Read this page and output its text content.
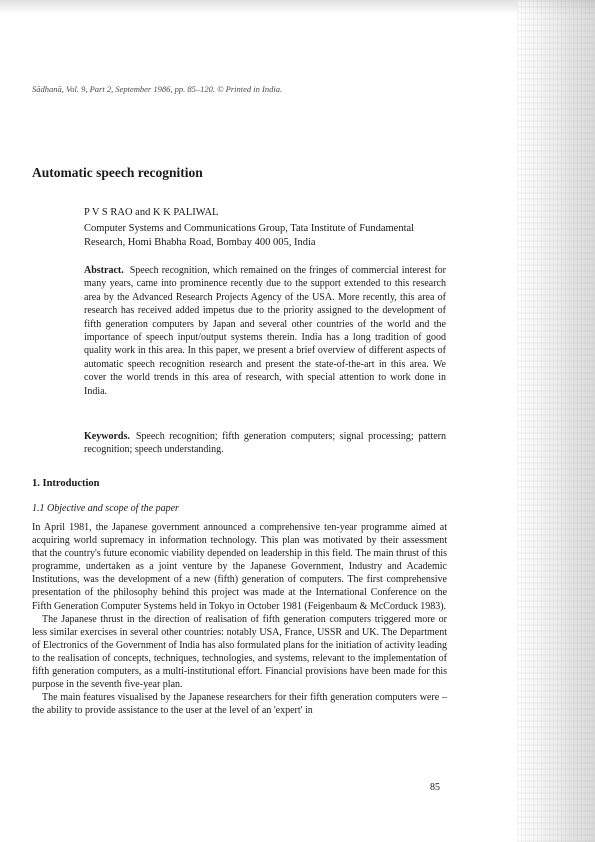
Sādhanā, Vol. 9, Part 2, September 1986, pp. 85–120. © Printed in India.
Automatic speech recognition
P V S RAO and K K PALIWAL
Computer Systems and Communications Group, Tata Institute of Fundamental Research, Homi Bhabha Road, Bombay 400 005, India
Abstract. Speech recognition, which remained on the fringes of commercial interest for many years, came into prominence recently due to the support extended to this research area by the Advanced Research Projects Agency of the USA. More recently, this area of research has received added impetus due to the priority assigned to the development of fifth generation computers by Japan and several other countries of the world and the importance of speech input/output systems therein. India has a long tradition of good quality work in this area. In this paper, we present a brief overview of different aspects of automatic speech recognition research and present the state-of-the-art in this area. We cover the world trends in this area of research, with special attention to work done in India.
Keywords. Speech recognition; fifth generation computers; signal processing; pattern recognition; speech understanding.
1. Introduction
1.1 Objective and scope of the paper

In April 1981, the Japanese government announced a comprehensive ten-year programme aimed at acquiring world supremacy in information technology. This plan was motivated by their assessment that the country's future economic viability depended on leadership in this field. The main thrust of this programme, undertaken as a joint venture by the Japanese Government, Industry and Academic Institutions, was the development of a new (fifth) generation of computers. The first comprehensive presentation of the philosophy behind this project was made at the International Conference on the Fifth Generation Computer Systems held in Tokyo in October 1981 (Feigenbaum & McCorduck 1983).

The Japanese thrust in the direction of realisation of fifth generation computers triggered more or less similar exercises in several other countries: notably USA, France, USSR and UK. The Department of Electronics of the Government of India has also formulated plans for the initiation of activity leading to the realisation of concepts, techniques, technologies, and systems, relevant to the implementation of fifth generation computers, as a multi-institutional effort. Financial provisions have been made for this purpose in the seventh five-year plan.

The main features visualised by the Japanese researchers for their fifth generation computers were – the ability to provide assistance to the user at the level of an 'expert' in

85
